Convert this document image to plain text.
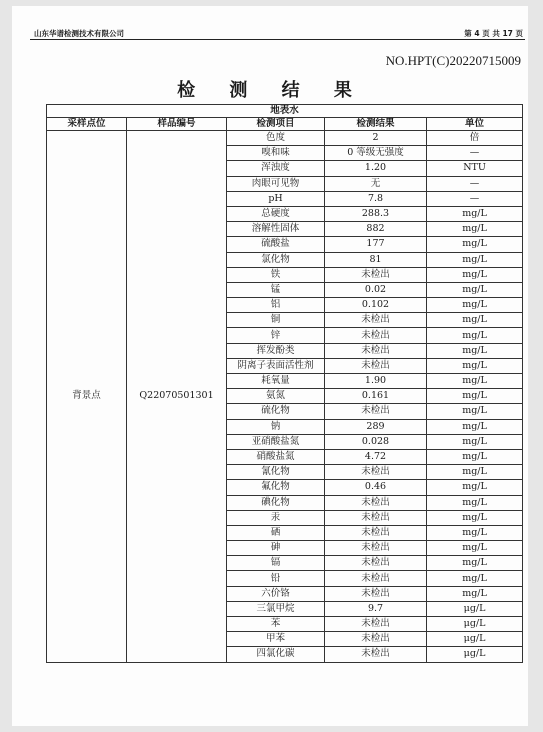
山东华谱检测技术有限公司	第 4 页 共 17 页
NO.HPT(C)20220715009
检 测 结 果
地表水				
采样点位	样品编号	检测项目	检测结果	单位
背景点	Q22070501301	色度	2	倍
		嗅和味	0 等级无强度	—
		浑浊度	1.20	NTU
		肉眼可见物	无	—
		pH	7.8	—
		总硬度	288.3	mg/L
		溶解性固体	882	mg/L
		硫酸盐	177	mg/L
		氯化物	81	mg/L
		铁	未检出	mg/L
		锰	0.02	mg/L
		铝	0.102	mg/L
		铜	未检出	mg/L
		锌	未检出	mg/L
		挥发酚类	未检出	mg/L
		阴离子表面活性剂	未检出	mg/L
		耗氧量	1.90	mg/L
		氨氮	0.161	mg/L
		硫化物	未检出	mg/L
		钠	289	mg/L
		亚硝酸盐氮	0.028	mg/L
		硝酸盐氮	4.72	mg/L
		氰化物	未检出	mg/L
		氟化物	0.46	mg/L
		碘化物	未检出	mg/L
		汞	未检出	mg/L
		硒	未检出	mg/L
		砷	未检出	mg/L
		镉	未检出	mg/L
		铅	未检出	mg/L
		六价铬	未检出	mg/L
		三氯甲烷	9.7	μg/L
		苯	未检出	μg/L
		甲苯	未检出	μg/L
		四氯化碳	未检出	μg/L
